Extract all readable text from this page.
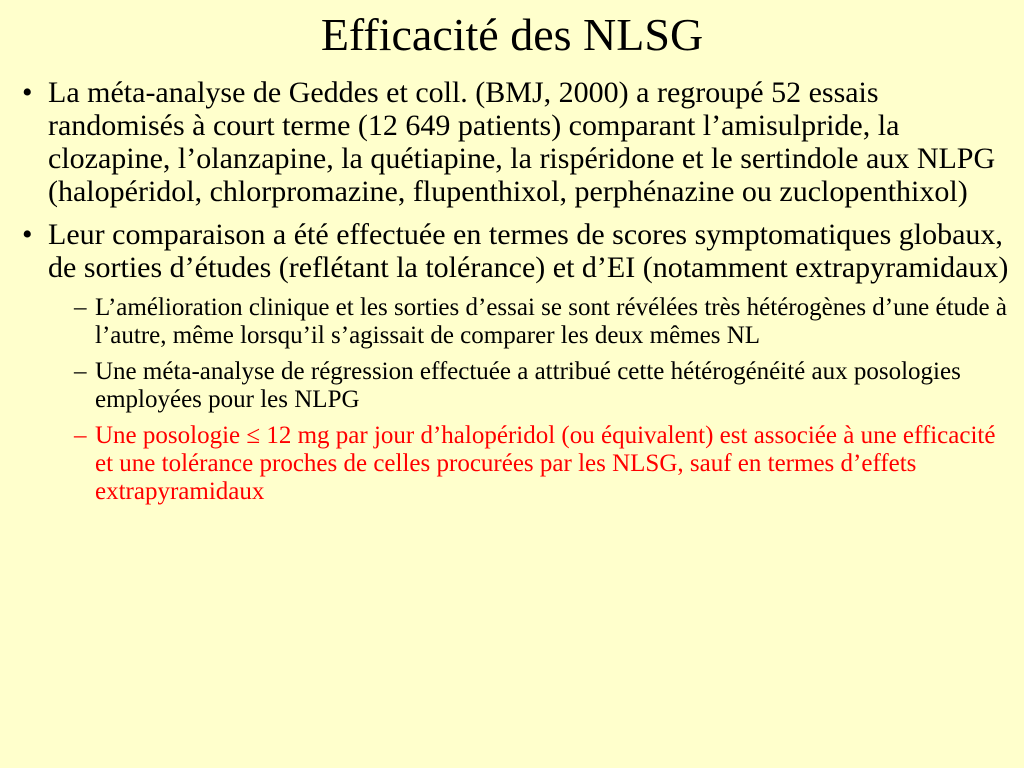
Efficacité des NLSG
• La méta-analyse de Geddes et coll. (BMJ, 2000) a regroupé 52 essais randomisés à court terme (12 649 patients) comparant l’amisulpride, la clozapine, l’olanzapine, la quétiapine, la rispéridone et le sertindole aux NLPG (halopéridol, chlorpromazine, flupenthixol, perphénazine ou zuclopenthixol)
• Leur comparaison a été effectuée en termes de scores symptomatiques globaux, de sorties d’études (reflétant la tolérance) et d’EI (notamment extrapyramidaux)
– L’amélioration clinique et les sorties d’essai se sont révélées très hétérogènes d’une étude à l’autre, même lorsqu’il s’agissait de comparer les deux mêmes NL
– Une méta-analyse de régression effectuée a attribué cette hétérogénéité aux posologies employées pour les NLPG
– Une posologie ≤ 12 mg par jour d’halopéridol (ou équivalent) est associée à une efficacité et une tolérance proches de celles procurées par les NLSG, sauf en termes d’effets extrapyramidaux
